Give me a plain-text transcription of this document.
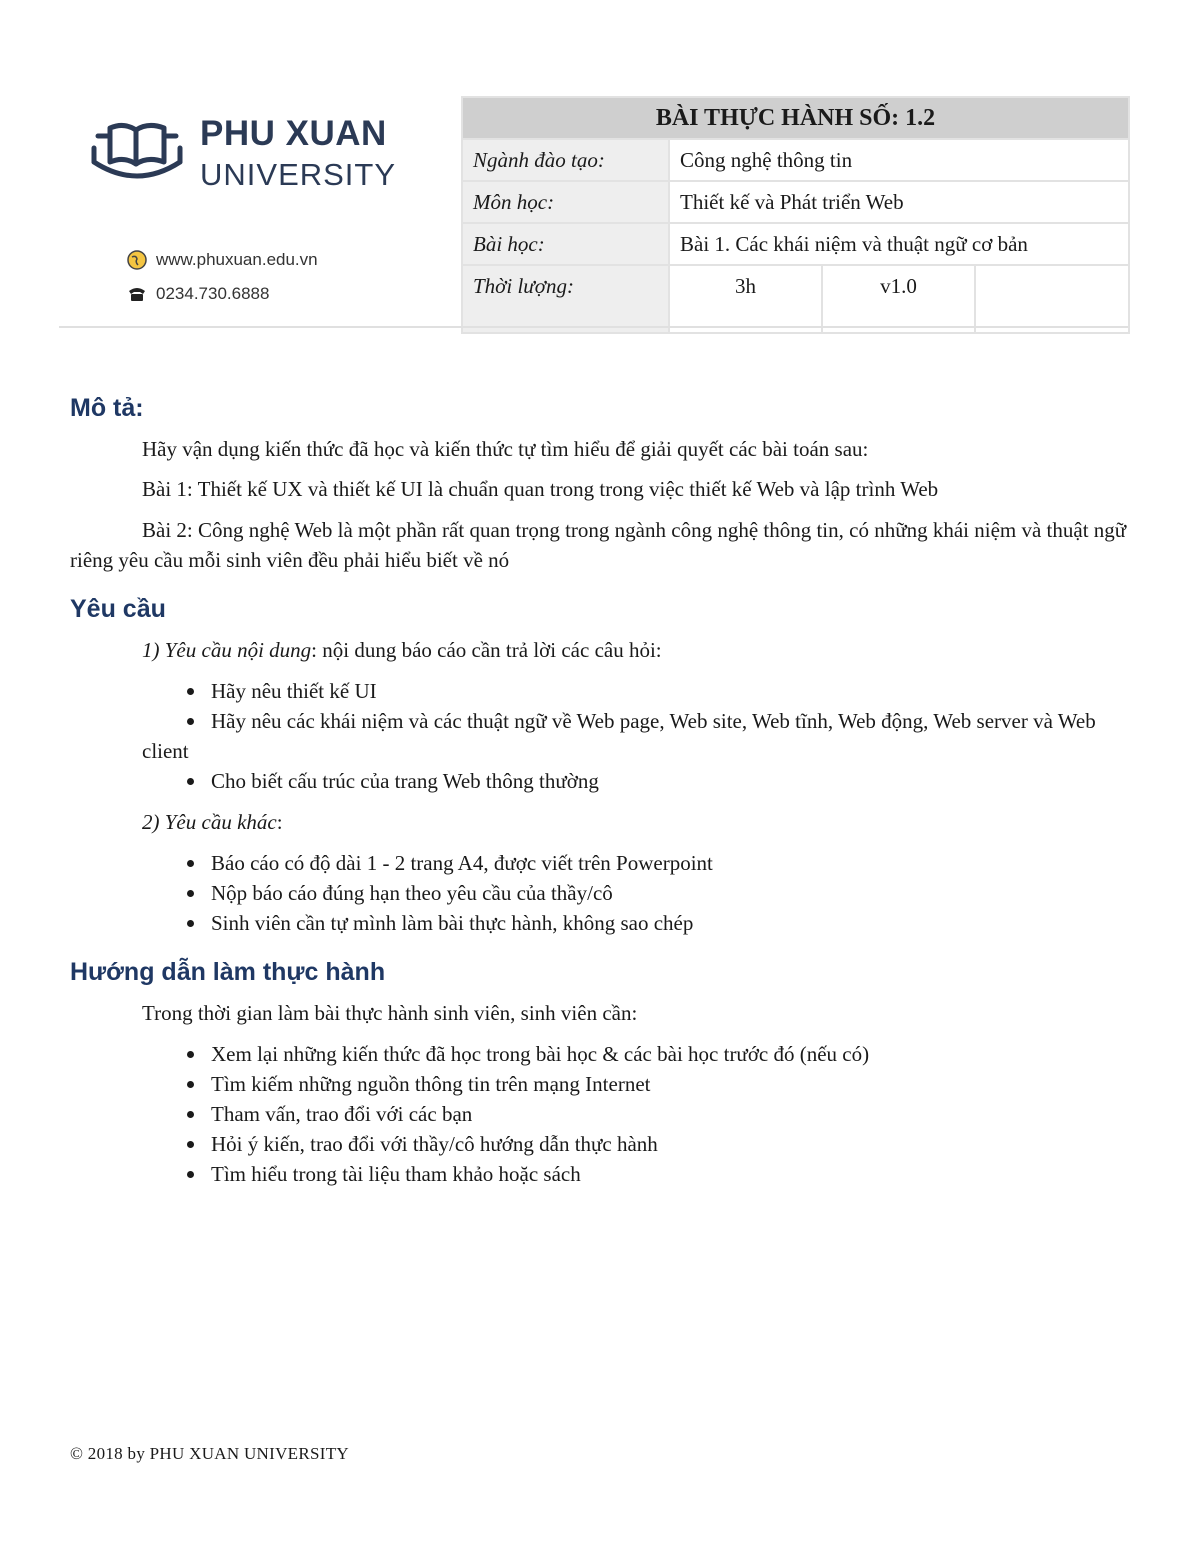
PHU XUAN
UNIVERSITY
www.phuxuan.edu.vn
0234.730.6888
BÀI THỰC HÀNH SỐ: 1.2			
Ngành đào tạo:	Công nghệ thông tin		
Môn học:	Thiết kế và Phát triển Web		
Bài học:	Bài 1. Các khái niệm và thuật ngữ cơ bản		
Thời lượng:	3h	v1.0	
Mô tả:

Hãy vận dụng kiến thức đã học và kiến thức tự tìm hiểu để giải quyết các bài toán sau:

Bài 1: Thiết kế UX và thiết kế UI là chuẩn quan trong trong việc thiết kế Web và lập trình Web

Bài 2: Công nghệ Web là một phần rất quan trọng trong ngành công nghệ thông tin, có những khái niệm và thuật ngữ riêng yêu cầu mỗi sinh viên đều phải hiểu biết về nó

Yêu cầu

1) Yêu cầu nội dung: nội dung báo cáo cần trả lời các câu hỏi:

Hãy nêu thiết kế UI
Hãy nêu các khái niệm và các thuật ngữ về Web page, Web site, Web tĩnh, Web động, Web server và Web client
Cho biết cấu trúc của trang Web thông thường

2) Yêu cầu khác:

Báo cáo có độ dài 1 - 2 trang A4, được viết trên Powerpoint
Nộp báo cáo đúng hạn theo yêu cầu của thầy/cô
Sinh viên cần tự mình làm bài thực hành, không sao chép
Hướng dẫn làm thực hành

Trong thời gian làm bài thực hành sinh viên, sinh viên cần:

Xem lại những kiến thức đã học trong bài học & các bài học trước đó (nếu có)
Tìm kiếm những nguồn thông tin trên mạng Internet
Tham vấn, trao đổi với các bạn
Hỏi ý kiến, trao đổi với thầy/cô hướng dẫn thực hành
Tìm hiểu trong tài liệu tham khảo hoặc sách
© 2018 by PHU XUAN UNIVERSITY
